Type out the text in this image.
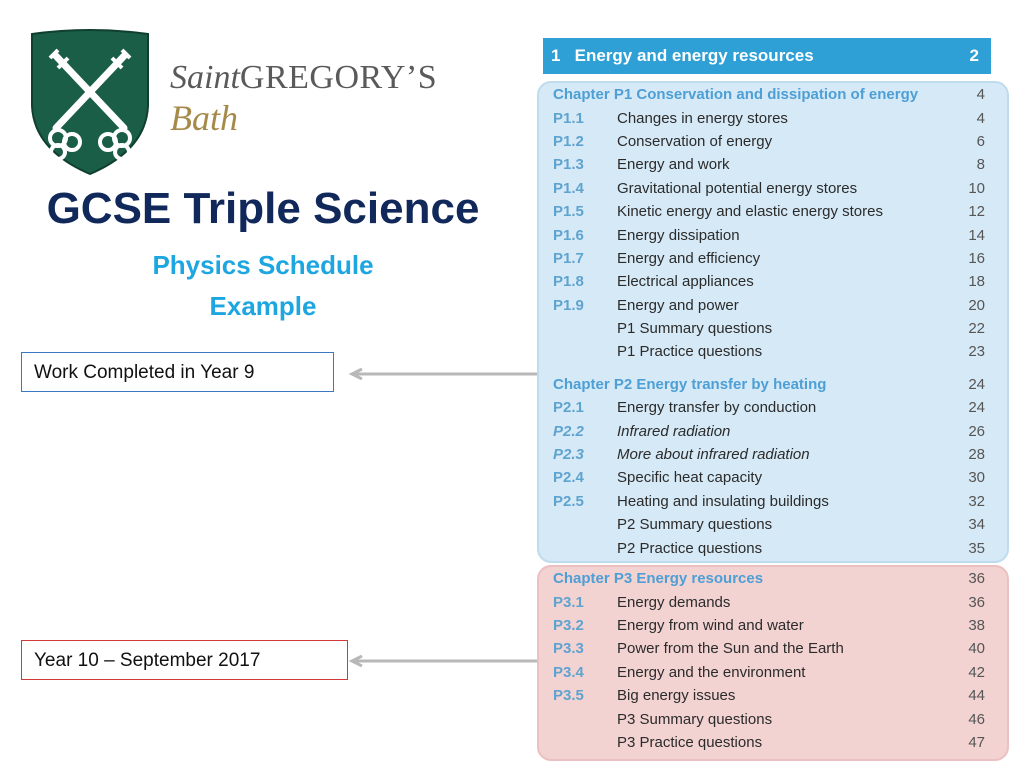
SaintGREGORY’S
Bath
GCSE Triple Science
Physics Schedule
Example
Work Completed in Year 9
Year 10 – September 2017
1   Energy and energy resources	2
Chapter P1 Conservation and dissipation of energy	4
P1.1	Changes in energy stores	4
P1.2	Conservation of energy	6
P1.3	Energy and work	8
P1.4	Gravitational potential energy stores	10
P1.5	Kinetic energy and elastic energy stores	12
P1.6	Energy dissipation	14
P1.7	Energy and efficiency	16
P1.8	Electrical appliances	18
P1.9	Energy and power	20
P1 Summary questions	22
P1 Practice questions	23
Chapter P2 Energy transfer by heating	24
P2.1	Energy transfer by conduction	24
P2.2	Infrared radiation	26
P2.3	More about infrared radiation	28
P2.4	Specific heat capacity	30
P2.5	Heating and insulating buildings	32
P2 Summary questions	34
P2 Practice questions	35
Chapter P3 Energy resources	36
P3.1	Energy demands	36
P3.2	Energy from wind and water	38
P3.3	Power from the Sun and the Earth	40
P3.4	Energy and the environment	42
P3.5	Big energy issues	44
P3 Summary questions	46
P3 Practice questions	47
